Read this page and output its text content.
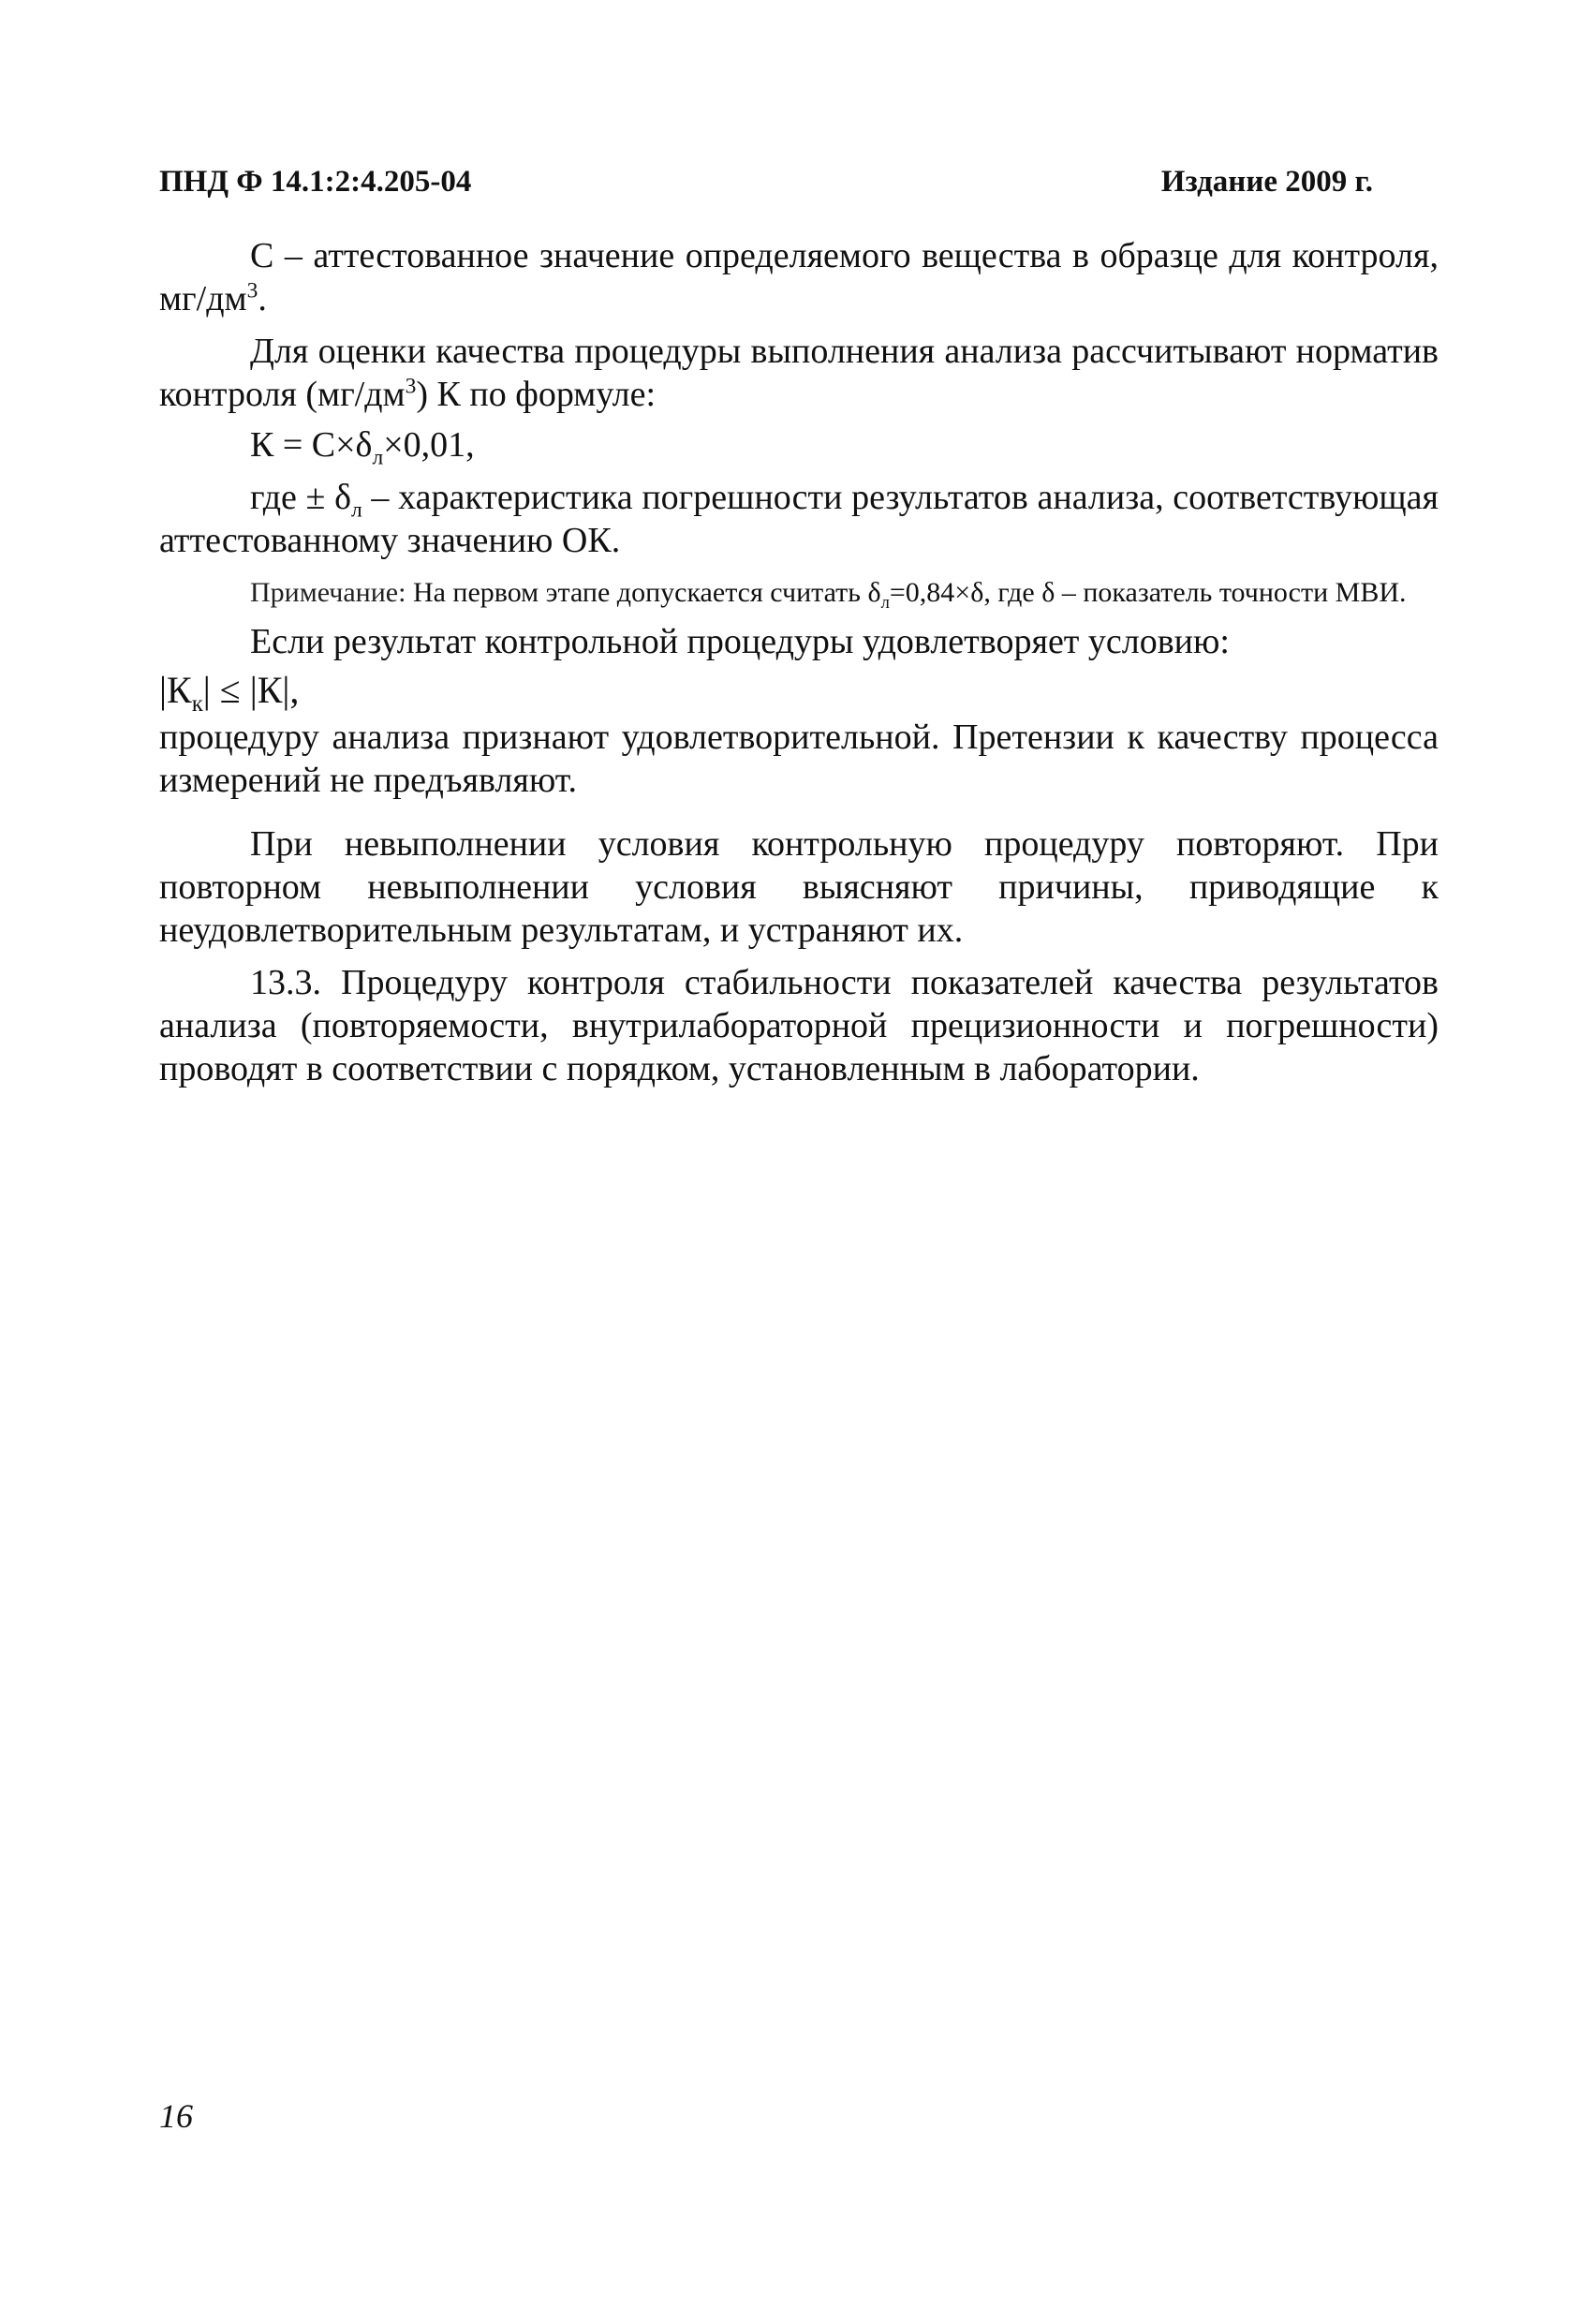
ПНД Ф 14.1:2:4.205-04	Издание 2009 г.

С – аттестованное значение определяемого вещества в образце для контроля, $мг/дм^3$.

Для оценки качества процедуры выполнения анализа рассчитывают норматив контроля $(мг/дм^3)$ К по формуле:

$К = С\times\delta_л\times 0,01$,

где ± $\delta_л$ – характеристика погрешности результатов анализа, соответствующая аттестованному значению ОК.

Примечание: На первом этапе допускается считать $\delta_л=0,84\times\delta$, где δ – показатель точности МВИ.

Если результат контрольной процедуры удовлетворяет условию:

$|К_к| \le |К|$,

процедуру анализа признают удовлетворительной. Претензии к качеству процесса измерений не предъявляют.

При невыполнении условия контрольную процедуру повторяют. При повторном невыполнении условия выясняют причины, приводящие к неудовлетворительным результатам, и устраняют их.

13.3. Процедуру контроля стабильности показателей качества результатов анализа (повторяемости, внутрилабораторной прецизионности и погрешности) проводят в соответствии с порядком, установленным в лаборатории.

16
